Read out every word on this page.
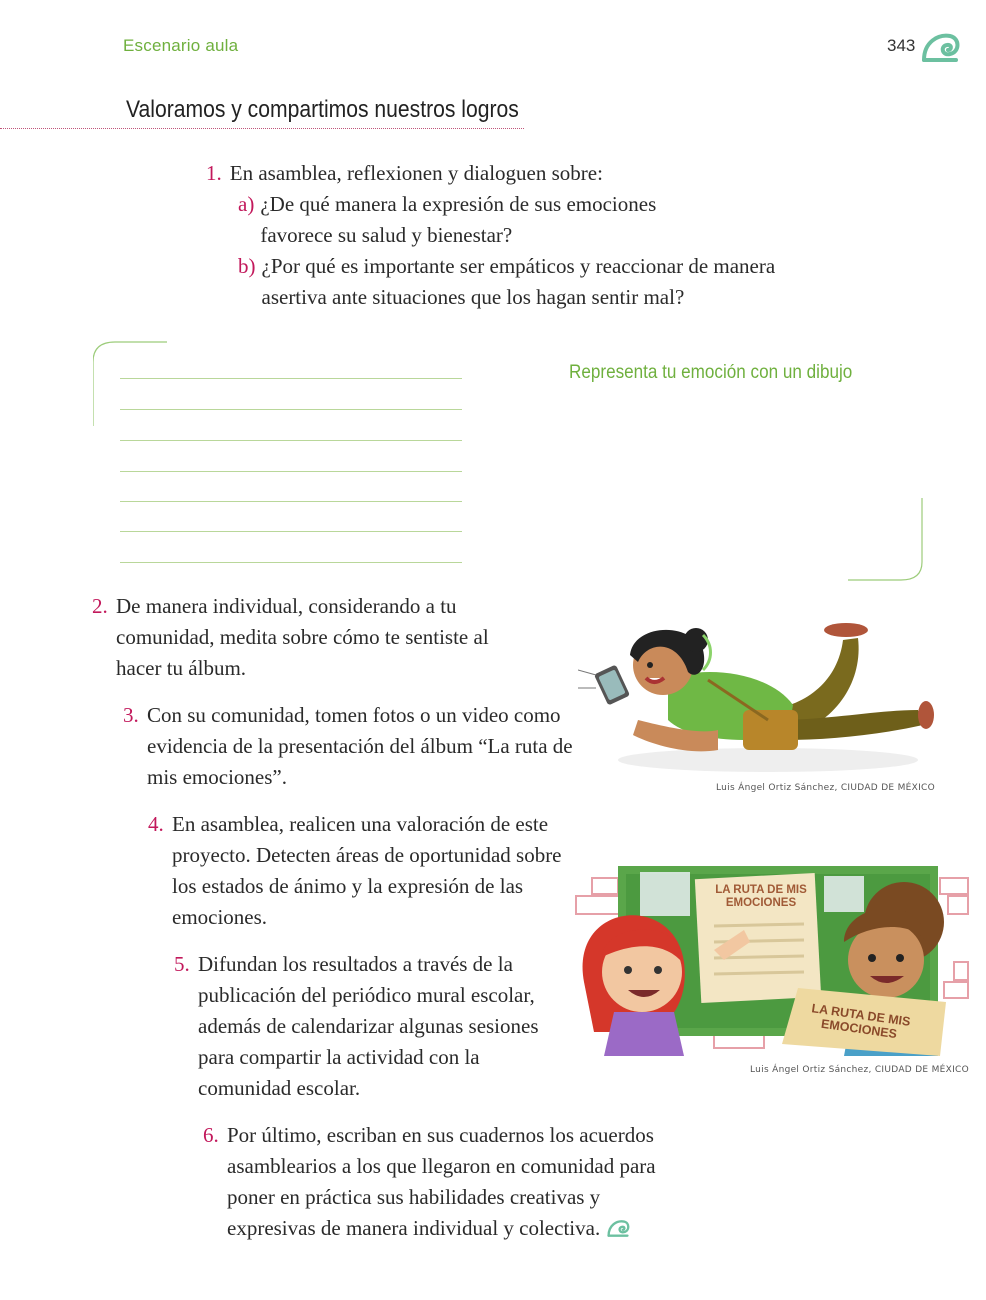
Escenario aula	343
Valoramos y compartimos nuestros logros
1. En asamblea, reflexionen y dialoguen sobre:
a) ¿De qué manera la expresión de sus emociones favorece su salud y bienestar?
b) ¿Por qué es importante ser empáticos y reaccionar de manera asertiva ante situaciones que los hagan sentir mal?
Representa tu emoción con un dibujo
2. De manera individual, considerando a tu comunidad, medita sobre cómo te sentiste al hacer tu álbum.
3. Con su comunidad, tomen fotos o un video como evidencia de la presentación del álbum “La ruta de mis emociones”.
4. En asamblea, realicen una valoración de este proyecto. Detecten áreas de oportunidad sobre los estados de ánimo y la expresión de las emociones.
5. Difundan los resultados a través de la publicación del periódico mural escolar, además de calendarizar algunas sesiones para compartir la actividad con la comunidad escolar.
6. Por último, escriban en sus cuadernos los acuerdos asamblearios a los que llegaron en comunidad para poner en práctica sus habilidades creativas y expresivas de manera individual y colectiva.
Luis Ángel Ortiz Sánchez, CIUDAD DE MÉXICO
LA RUTA DE MIS EMOCIONES
LA RUTA DE MIS EMOCIONES
Luis Ángel Ortiz Sánchez, CIUDAD DE MÉXICO
